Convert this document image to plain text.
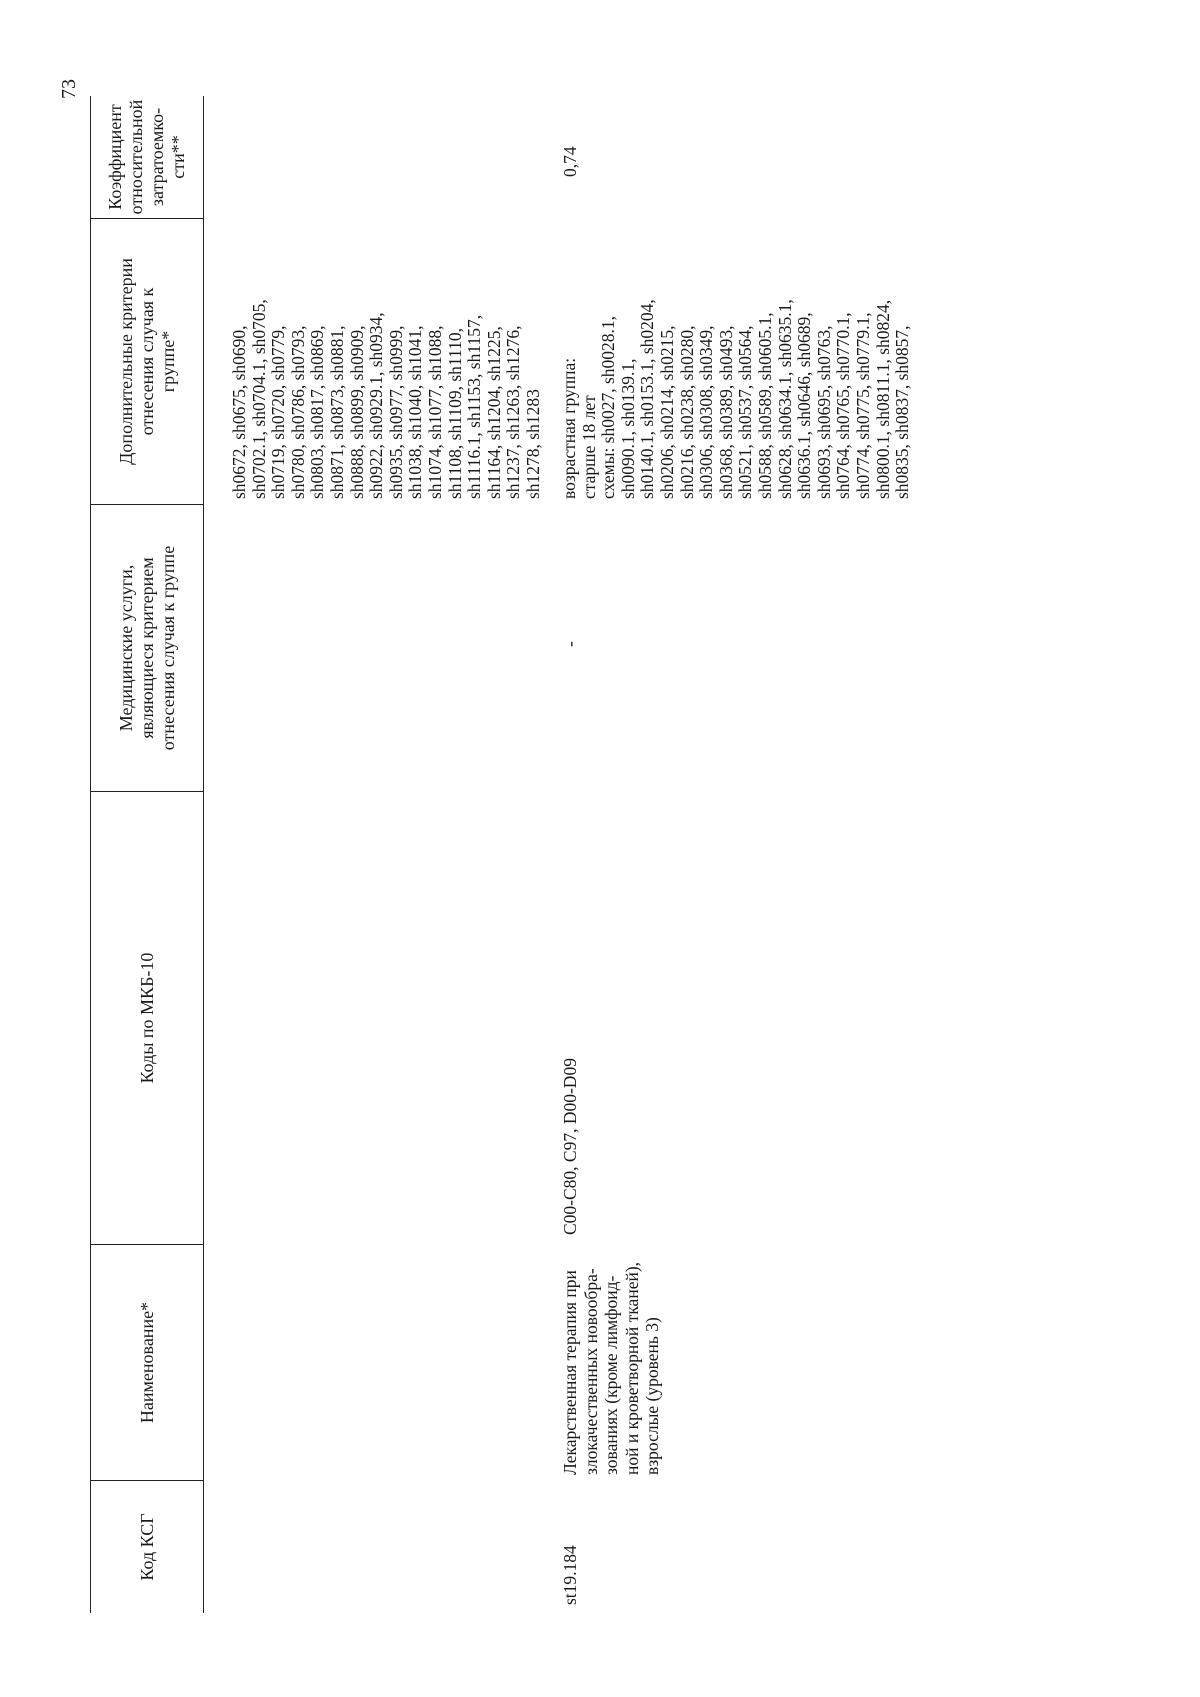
73
Код КСГ
Наименование*
Коды по МКБ-10
Медицинские услуги, являющиеся критерием отнесения случая к группе
Дополнительные критерии отнесения случая к группе*
Коэффициент относительной затратоемко- сти**
sh0672, sh0675, sh0690, sh0702.1, sh0704.1, sh0705, sh0719, sh0720, sh0779, sh0780, sh0786, sh0793, sh0803, sh0817, sh0869, sh0871, sh0873, sh0881, sh0888, sh0899, sh0909, sh0922, sh0929.1, sh0934, sh0935, sh0977, sh0999, sh1038, sh1040, sh1041, sh1074, sh1077, sh1088, sh1108, sh1109, sh1110, sh1116.1, sh1153, sh1157, sh1164, sh1204, sh1225, sh1237, sh1263, sh1276, sh1278, sh1283
st19.184
Лекарственная терапия при злокачественных новообра- зованиях (кроме лимфоид- ной и кроветворной тканей), взрослые (уровень 3)
C00-C80, C97, D00-D09
-
возрастная группа: старше 18 лет схемы: sh0027, sh0028.1, sh0090.1, sh0139.1, sh0140.1, sh0153.1, sh0204, sh0206, sh0214, sh0215, sh0216, sh0238, sh0280, sh0306, sh0308, sh0349, sh0368, sh0389, sh0493, sh0521, sh0537, sh0564, sh0588, sh0589, sh0605.1, sh0628, sh0634.1, sh0635.1, sh0636.1, sh0646, sh0689, sh0693, sh0695, sh0763, sh0764, sh0765, sh0770.1, sh0774, sh0775, sh0779.1, sh0800.1, sh0811.1, sh0824, sh0835, sh0837, sh0857,
0,74
